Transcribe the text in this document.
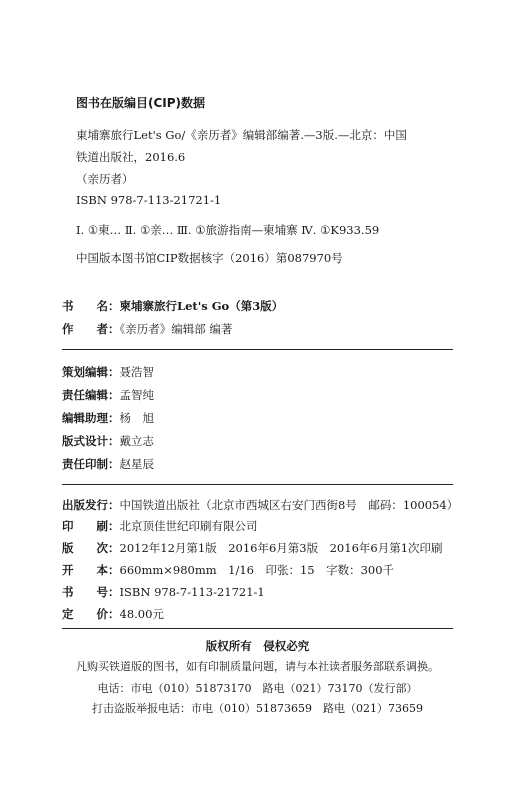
图书在版编目(CIP)数据
東埔寨旅行Let's Go/《亲历者》编辑部编著.—3版.—北京：中国
铁道出版社，2016.6
（亲历者）
ISBN 978-7-113-21721-1
Ⅰ. ①柬… Ⅱ. ①亲… Ⅲ. ①旅游指南—柬埔寨 Ⅳ. ①K933.59
中国版本图书馆CIP数据核字（2016）第087970号
书　　名：柬埔寨旅行Let's Go（第3版）
作　　者：《亲历者》编辑部 编著
策划编辑：聂浩智
责任编辑：孟智纯
编辑助理：杨　旭
版式设计：戴立志
责任印制：赵星辰
出版发行：中国铁道出版社（北京市西城区右安门西街8号　邮码：100054）
印　　刷：北京顶佳世纪印刷有限公司
版　　次：2012年12月第1版　2016年6月第3版　2016年6月第1次印刷
开　　本：660mm×980mm　1/16　印张：15　字数：300千
书　　号：ISBN 978-7-113-21721-1
定　　价：48.00元
版权所有　侵权必究
凡购买铁道版的图书，如有印制质量问题，请与本社读者服务部联系调换。
电话：市电（010）51873170　路电（021）73170（发行部）
打击盗版举报电话：市电（010）51873659　路电（021）73659
